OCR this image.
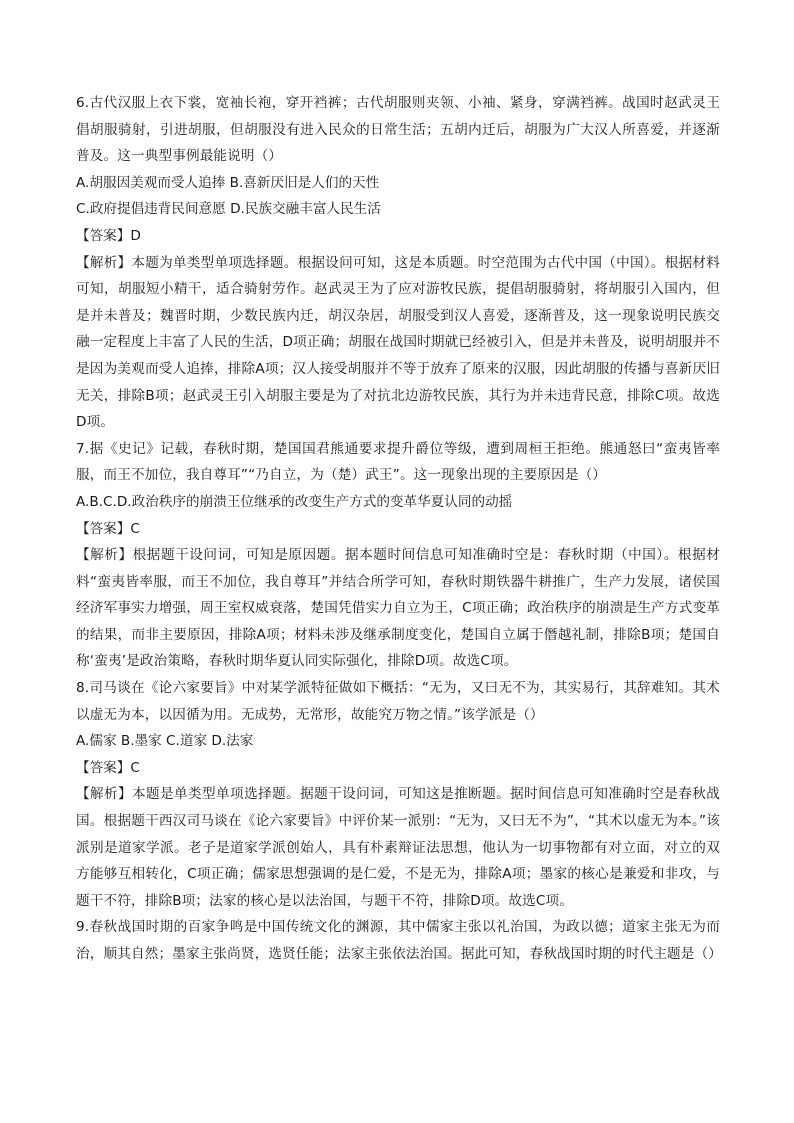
6.古代汉服上衣下裳，宽袖长袍，穿开裆裤；古代胡服则夹领、小袖、紧身，穿满裆裤。战国时赵武灵王倡胡服骑射，引进胡服，但胡服没有进入民众的日常生活；五胡内迁后，胡服为广大汉人所喜爱，并逐渐普及。这一典型事例最能说明（）

A.胡服因美观而受人追捧 B.喜新厌旧是人们的天性

C.政府提倡违背民间意愿 D.民族交融丰富人民生活

【答案】D

【解析】本题为单类型单项选择题。根据设问可知，这是本质题。时空范围为古代中国（中国）。根据材料可知，胡服短小精干，适合骑射劳作。赵武灵王为了应对游牧民族，提倡胡服骑射，将胡服引入国内，但是并未普及；魏晋时期，少数民族内迁，胡汉杂居，胡服受到汉人喜爱，逐渐普及，这一现象说明民族交融一定程度上丰富了人民的生活，D项正确；胡服在战国时期就已经被引入，但是并未普及，说明胡服并不是因为美观而受人追捧，排除A项；汉人接受胡服并不等于放弃了原来的汉服，因此胡服的传播与喜新厌旧无关，排除B项；赵武灵王引入胡服主要是为了对抗北边游牧民族，其行为并未违背民意，排除C项。故选D项。

7.据《史记》记载，春秋时期，楚国国君熊通要求提升爵位等级，遭到周桓王拒绝。熊通怒曰“蛮夷皆率服，而王不加位，我自尊耳”“乃自立，为（楚）武王”。这一现象出现的主要原因是（）

A.B.C.D.政治秩序的崩溃王位继承的改变生产方式的变革华夏认同的动摇

【答案】C

【解析】根据题干设问词，可知是原因题。据本题时间信息可知准确时空是：春秋时期（中国）。根据材料“蛮夷皆率服，而王不加位，我自尊耳”并结合所学可知，春秋时期铁器牛耕推广，生产力发展，诸侯国经济军事实力增强，周王室权威衰落，楚国凭借实力自立为王，C项正确；政治秩序的崩溃是生产方式变革的结果，而非主要原因，排除A项；材料未涉及继承制度变化，楚国自立属于僭越礼制，排除B项；楚国自称‘蛮夷’是政治策略，春秋时期华夏认同实际强化，排除D项。故选C项。

8.司马谈在《论六家要旨》中对某学派特征做如下概括：“无为，又曰无不为，其实易行，其辞难知。其术以虚无为本，以因循为用。无成势，无常形，故能究万物之情。”该学派是（）

A.儒家 B.墨家 C.道家 D.法家

【答案】C

【解析】本题是单类型单项选择题。据题干设问词，可知这是推断题。据时间信息可知准确时空是春秋战国。根据题干西汉司马谈在《论六家要旨》中评价某一派别：“无为，又曰无不为”，“其术以虚无为本。”该派别是道家学派。老子是道家学派创始人，具有朴素辩证法思想，他认为一切事物都有对立面，对立的双方能够互相转化，C项正确；儒家思想强调的是仁爱，不是无为，排除A项；墨家的核心是兼爱和非攻，与题干不符，排除B项；法家的核心是以法治国，与题干不符，排除D项。故选C项。

9.春秋战国时期的百家争鸣是中国传统文化的渊源，其中儒家主张以礼治国，为政以德；道家主张无为而治，顺其自然；墨家主张尚贤，选贤任能；法家主张依法治国。据此可知，春秋战国时期的时代主题是（）
